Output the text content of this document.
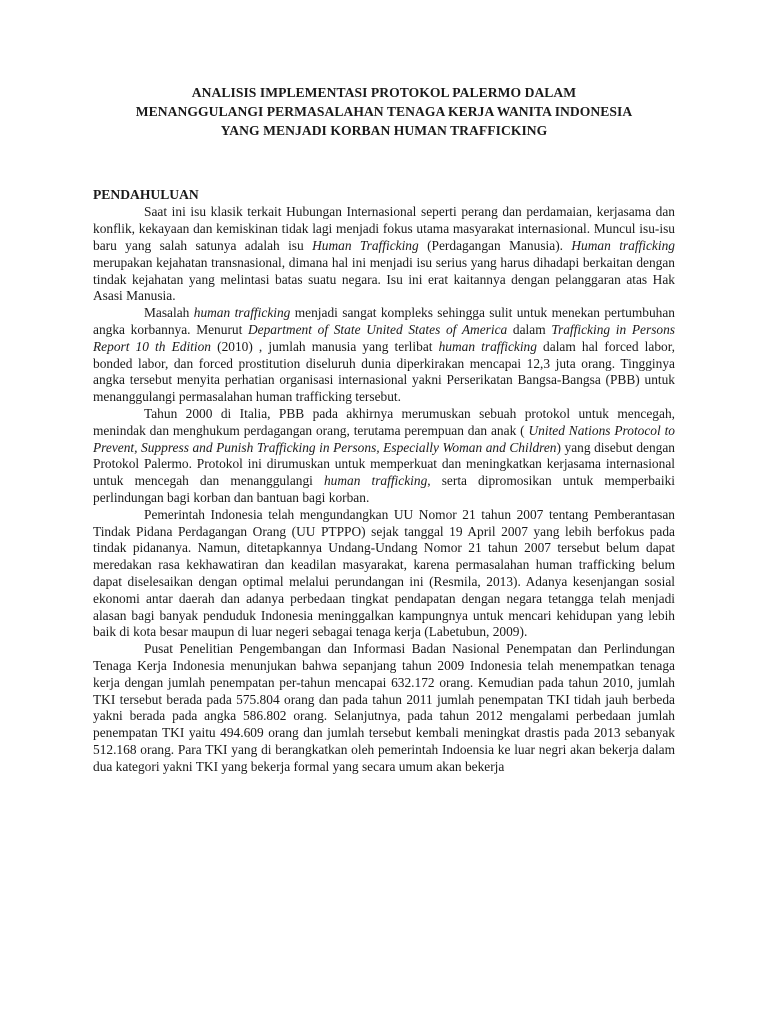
ANALISIS IMPLEMENTASI PROTOKOL PALERMO DALAM
MENANGGULANGI PERMASALAHAN TENAGA KERJA WANITA INDONESIA
YANG MENJADI KORBAN HUMAN TRAFFICKING

PENDAHULUAN

Saat ini isu klasik terkait Hubungan Internasional seperti perang dan perdamaian, kerjasama dan konflik, kekayaan dan kemiskinan tidak lagi menjadi fokus utama masyarakat internasional. Muncul isu-isu baru yang salah satunya adalah isu Human Trafficking (Perdagangan Manusia). Human trafficking merupakan kejahatan transnasional, dimana hal ini menjadi isu serius yang harus dihadapi berkaitan dengan tindak kejahatan yang melintasi batas suatu negara. Isu ini erat kaitannya dengan pelanggaran atas Hak Asasi Manusia.

Masalah human trafficking menjadi sangat kompleks sehingga sulit untuk menekan pertumbuhan angka korbannya. Menurut Department of State United States of America dalam Trafficking in Persons Report 10 th Edition (2010) , jumlah manusia yang terlibat human trafficking dalam hal forced labor, bonded labor, dan forced prostitution diseluruh dunia diperkirakan mencapai 12,3 juta orang. Tingginya angka tersebut menyita perhatian organisasi internasional yakni Perserikatan Bangsa-Bangsa (PBB) untuk menanggulangi permasalahan human trafficking tersebut.

Tahun 2000 di Italia, PBB pada akhirnya merumuskan sebuah protokol untuk mencegah, menindak dan menghukum perdagangan orang, terutama perempuan dan anak ( United Nations Protocol to Prevent, Suppress and Punish Trafficking in Persons, Especially Woman and Children) yang disebut dengan Protokol Palermo. Protokol ini dirumuskan untuk memperkuat dan meningkatkan kerjasama internasional untuk mencegah dan menanggulangi human trafficking, serta dipromosikan untuk memperbaiki perlindungan bagi korban dan bantuan bagi korban.

Pemerintah Indonesia telah mengundangkan UU Nomor 21 tahun 2007 tentang Pemberantasan Tindak Pidana Perdagangan Orang (UU PTPPO) sejak tanggal 19 April 2007 yang lebih berfokus pada tindak pidananya. Namun, ditetapkannya Undang-Undang Nomor 21 tahun 2007 tersebut belum dapat meredakan rasa kekhawatiran dan keadilan masyarakat, karena permasalahan human trafficking belum dapat diselesaikan dengan optimal melalui perundangan ini (Resmila, 2013). Adanya kesenjangan sosial ekonomi antar daerah dan adanya perbedaan tingkat pendapatan dengan negara tetangga telah menjadi alasan bagi banyak penduduk Indonesia meninggalkan kampungnya untuk mencari kehidupan yang lebih baik di kota besar maupun di luar negeri sebagai tenaga kerja (Labetubun, 2009).

Pusat Penelitian Pengembangan dan Informasi Badan Nasional Penempatan dan Perlindungan Tenaga Kerja Indonesia menunjukan bahwa sepanjang tahun 2009 Indonesia telah menempatkan tenaga kerja dengan jumlah penempatan per-tahun mencapai 632.172 orang. Kemudian pada tahun 2010, jumlah TKI tersebut berada pada 575.804 orang dan pada tahun 2011 jumlah penempatan TKI tidah jauh berbeda yakni berada pada angka 586.802 orang. Selanjutnya, pada tahun 2012 mengalami perbedaan jumlah penempatan TKI yaitu 494.609 orang dan jumlah tersebut kembali meningkat drastis pada 2013 sebanyak 512.168 orang. Para TKI yang di berangkatkan oleh pemerintah Indoensia ke luar negri akan bekerja dalam dua kategori yakni TKI yang bekerja formal yang secara umum akan bekerja
